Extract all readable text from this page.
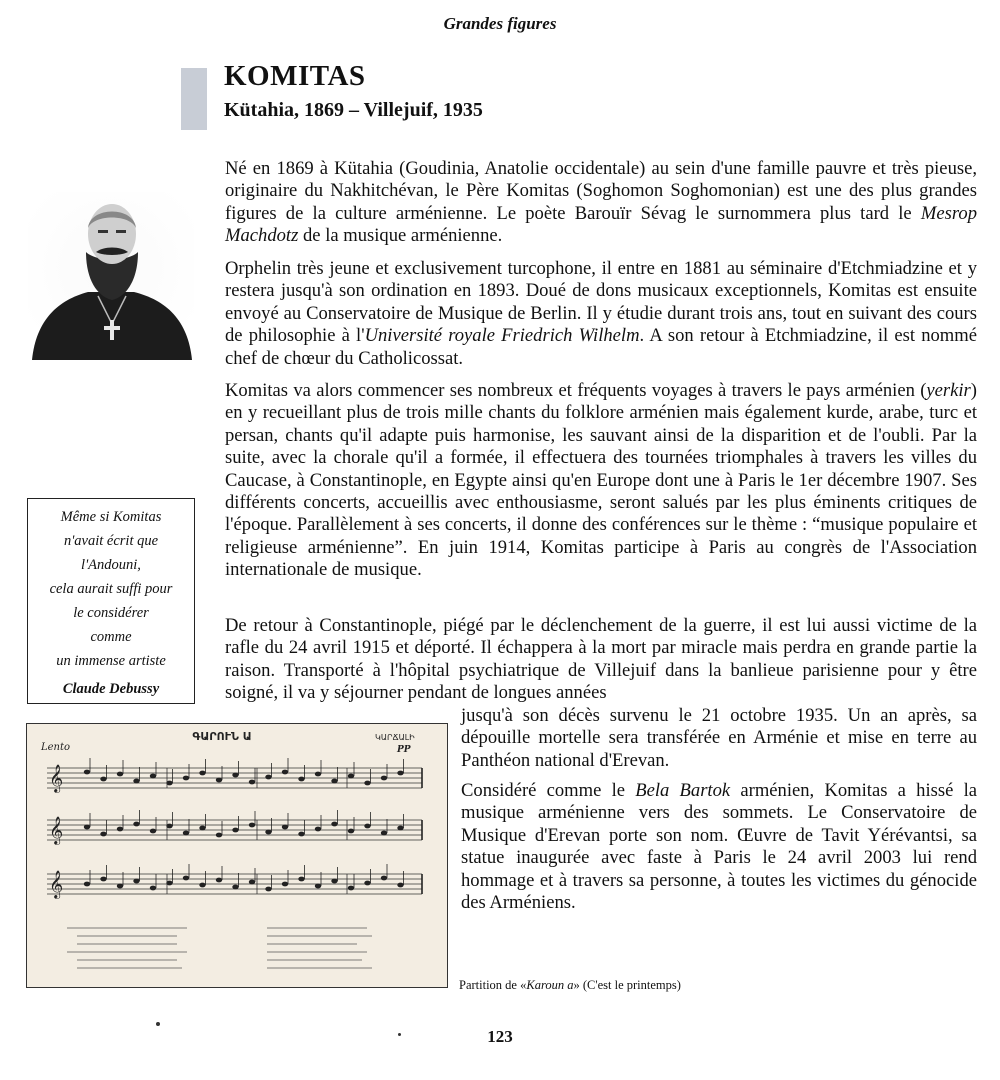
Grandes figures
KOMITAS
Kütahia, 1869 – Villejuif, 1935

Né en 1869 à Kütahia (Goudinia, Anatolie occidentale) au sein d'une famille pauvre et très pieuse, originaire du Nakhitchévan, le Père Komitas (Soghomon Soghomonian) est une des plus grandes figures de la culture arménienne. Le poète Barouïr Sévag le surnommera plus tard le Mesrop Machdotz de la musique arménienne.

Orphelin très jeune et exclusivement turcophone, il entre en 1881 au séminaire d'Etchmiadzine et y restera jusqu'à son ordination en 1893. Doué de dons musicaux exceptionnels, Komitas est ensuite envoyé au Conservatoire de Musique de Berlin. Il y étudie durant trois ans, tout en suivant des cours de philosophie à l'Université royale Friedrich Wilhelm. A son retour à Etchmiadzine, il est nommé chef de chœur du Catholicossat.

Komitas va alors commencer ses nombreux et fréquents voyages à travers le pays arménien (yerkir) en y recueillant plus de trois mille chants du folklore arménien mais également kurde, arabe, turc et persan, chants qu'il adapte puis harmonise, les sauvant ainsi de la disparition et de l'oubli. Par la suite, avec la chorale qu'il a formée, il effectuera des tournées triomphales à travers les villes du Caucase, à Constantinople, en Egypte ainsi qu'en Europe dont une à Paris le 1er décembre 1907. Ses différents concerts, accueillis avec enthousiasme, seront salués par les plus éminents critiques de l'époque. Parallèlement à ses concerts, il donne des conférences sur le thème : “musique populaire et religieuse arménienne”. En juin 1914, Komitas participe à Paris au congrès de l'Association internationale de musique.

De retour à Constantinople, piégé par le déclenchement de la guerre, il est lui aussi victime de la rafle du 24 avril 1915 et déporté. Il échappera à la mort par miracle mais perdra en grande partie la raison. Transporté à l'hôpital psychiatrique de Villejuif dans la banlieue parisienne pour y être soigné, il va y séjourner pendant de longues années

jusqu'à son décès survenu le 21 octobre 1935. Un an après, sa dépouille mortelle sera transférée en Arménie et mise en terre au Panthéon national d'Erevan.

Considéré comme le Bela Bartok arménien, Komitas a hissé la musique arménienne vers des sommets. Le Conservatoire de Musique d'Erevan porte son nom. Œuvre de Tavit Yérévantsi, sa statue inaugurée avec faste à Paris le 24 avril 2003 lui rend hommage et à travers sa personne, à toutes les victimes du génocide des Arméniens.

Même si Komitas
n'avait écrit que
l'Andouni,
cela aurait suffi pour
le considérer
comme
un immense artiste
Claude Debussy
ԳԱՐՈՒՆ Ա
Lento
ԿԱՐՃԱԼԻ
PP
𝄞
𝄞
𝄞
Partition de «Karoun a» (C'est le printemps)
123
